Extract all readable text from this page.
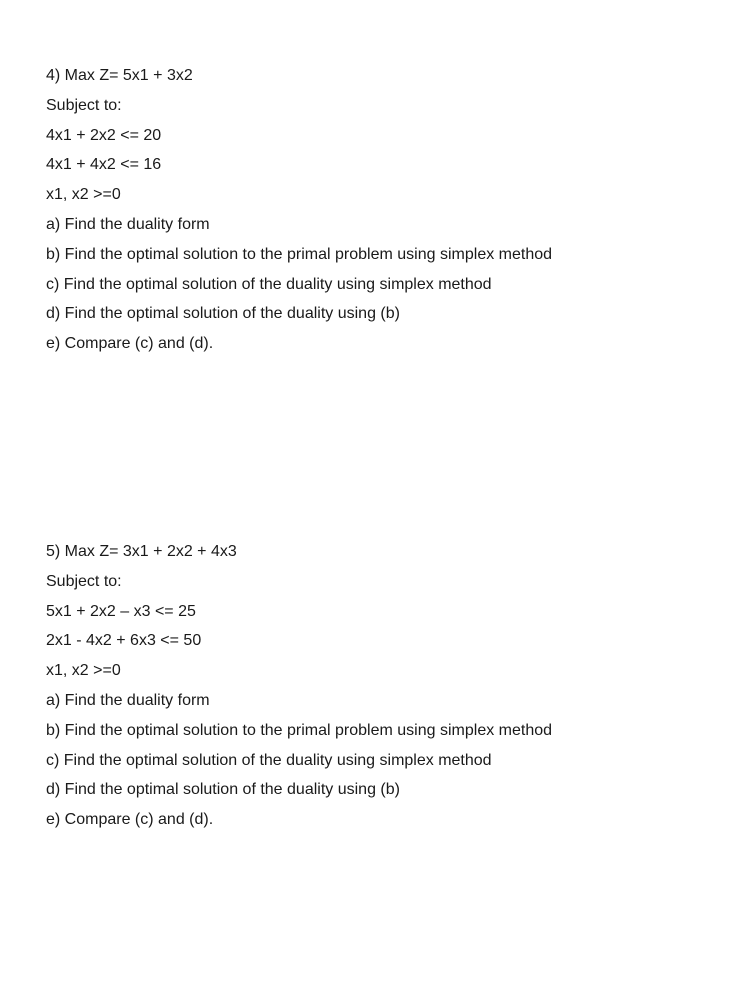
4) Max Z= 5x1 + 3x2
Subject to:
4x1 + 2x2 <= 20
4x1 + 4x2 <= 16
x1, x2 >=0
a) Find the duality form
b) Find the optimal solution to the primal problem using simplex method
c) Find the optimal solution of the duality using simplex method
d) Find the optimal solution of the duality using (b)
e) Compare (c) and (d).
5) Max Z= 3x1 + 2x2 + 4x3
Subject to:
5x1 + 2x2 – x3 <= 25
2x1 - 4x2 + 6x3 <= 50
x1, x2 >=0
a) Find the duality form
b) Find the optimal solution to the primal problem using simplex method
c) Find the optimal solution of the duality using simplex method
d) Find the optimal solution of the duality using (b)
e) Compare (c) and (d).
